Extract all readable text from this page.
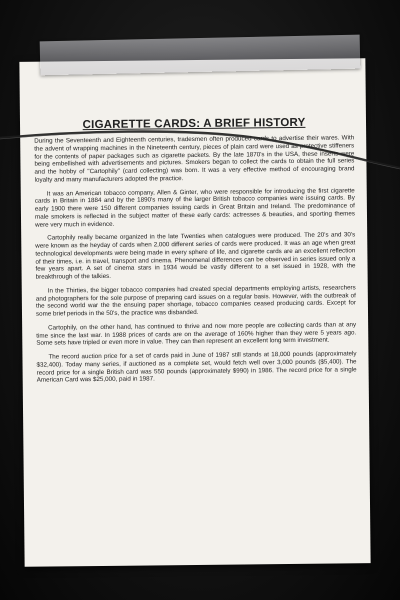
CIGARETTE CARDS: A BRIEF HISTORY

During the Seventeenth and Eighteenth centuries, tradesmen often produced cards to advertise their wares. With the advent of wrapping machines in the Nineteenth century, pieces of plain card were used as protective stiffeners for the contents of paper packages such as cigarette packets. By the late 1870's in the USA, these inserts were being embellished with advertisements and pictures. Smokers began to collect the cards to obtain the full series and the hobby of "Cartophily" (card collecting) was born. It was a very effective method of encouraging brand loyalty and many manufacturers adopted the practice.

It was an American tobacco company, Allen & Ginter, who were responsible for introducing the first cigarette cards in Britain in 1884 and by the 1890's many of the larger British tobacco companies were issuing cards. By early 1900 there were 150 different companies issuing cards in Great Britain and Ireland. The predominance of male smokers is reflected in the subject matter of these early cards: actresses & beauties, and sporting themes were very much in evidence.

Cartophily really became organized in the late Twenties when catalogues were produced. The 20's and 30's were known as the heyday of cards when 2,000 different series of cards were produced. It was an age when great technological developments were being made in every sphere of life, and cigarette cards are an excellent reflection of their times, i.e. in travel, transport and cinema. Phenomenal differences can be observed in series issued only a few years apart. A set of cinema stars in 1934 would be vastly different to a set issued in 1928, with the breakthrough of the talkies.

In the Thirties, the bigger tobacco companies had created special departments employing artists, researchers and photographers for the sole purpose of preparing card issues on a regular basis. However, with the outbreak of the second world war the the ensuing paper shortage, tobacco companies ceased producing cards. Except for some brief periods in the 50's, the practice was disbanded.

Cartophily, on the other hand, has continued to thrive and now more people are collecting cards than at any time since the last war. In 1988 prices of cards are on the average of 160% higher than they were 5 years ago. Some sets have tripled or even more in value. They can then represent an excellent long term investment.

The record auction price for a set of cards paid in June of 1987 still stands at 18,000 pounds (approximately $32,400). Today many series, if auctioned as a complete set, would fetch well over 3,000 pounds ($5,400). The record price for a single British card was 550 pounds (approximately $990) in 1986. The record price for a single American Card was $25,000, paid in 1987.
